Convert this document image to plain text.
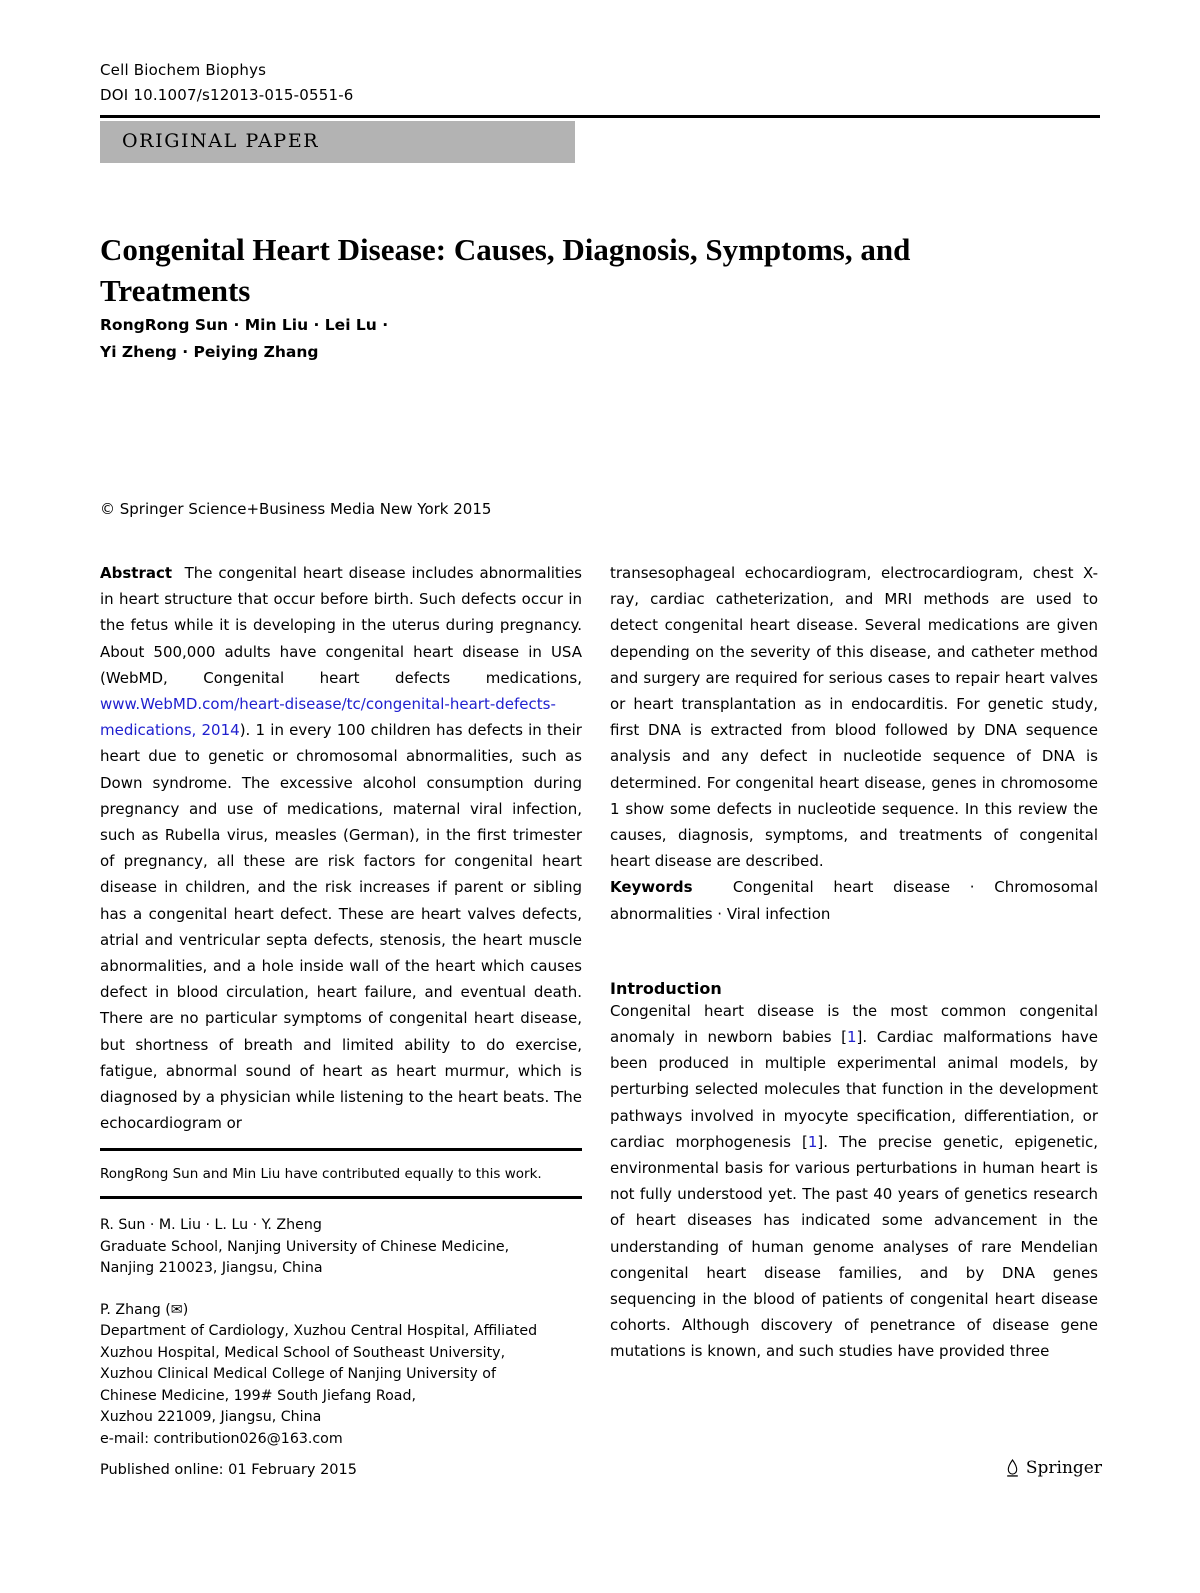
Cell Biochem Biophys
DOI 10.1007/s12013-015-0551-6
ORIGINAL PAPER
Congenital Heart Disease: Causes, Diagnosis, Symptoms, and Treatments
RongRong Sun · Min Liu · Lei Lu ·
Yi Zheng · Peiying Zhang
© Springer Science+Business Media New York 2015

Abstract The congenital heart disease includes abnormalities in heart structure that occur before birth. Such defects occur in the fetus while it is developing in the uterus during pregnancy. About 500,000 adults have congenital heart disease in USA (WebMD, Congenital heart defects medications, www.WebMD.com/heart-disease/tc/congenital-heart-defects-medications, 2014). 1 in every 100 children has defects in their heart due to genetic or chromosomal abnormalities, such as Down syndrome. The excessive alcohol consumption during pregnancy and use of medications, maternal viral infection, such as Rubella virus, measles (German), in the first trimester of pregnancy, all these are risk factors for congenital heart disease in children, and the risk increases if parent or sibling has a congenital heart defect. These are heart valves defects, atrial and ventricular septa defects, stenosis, the heart muscle abnormalities, and a hole inside wall of the heart which causes defect in blood circulation, heart failure, and eventual death. There are no particular symptoms of congenital heart disease, but shortness of breath and limited ability to do exercise, fatigue, abnormal sound of heart as heart murmur, which is diagnosed by a physician while listening to the heart beats. The echocardiogram or

transesophageal echocardiogram, electrocardiogram, chest X-ray, cardiac catheterization, and MRI methods are used to detect congenital heart disease. Several medications are given depending on the severity of this disease, and catheter method and surgery are required for serious cases to repair heart valves or heart transplantation as in endocarditis. For genetic study, first DNA is extracted from blood followed by DNA sequence analysis and any defect in nucleotide sequence of DNA is determined. For congenital heart disease, genes in chromosome 1 show some defects in nucleotide sequence. In this review the causes, diagnosis, symptoms, and treatments of congenital heart disease are described.

Keywords	Congenital heart disease · Chromosomal abnormalities · Viral infection

Introduction

Congenital heart disease is the most common congenital anomaly in newborn babies [1]. Cardiac malformations have been produced in multiple experimental animal models, by perturbing selected molecules that function in the development pathways involved in myocyte specification, differentiation, or cardiac morphogenesis [1]. The precise genetic, epigenetic, environmental basis for various perturbations in human heart is not fully understood yet. The past 40 years of genetics research of heart diseases has indicated some advancement in the understanding of human genome analyses of rare Mendelian congenital heart disease families, and by DNA genes sequencing in the blood of patients of congenital heart disease cohorts. Although discovery of penetrance of disease gene mutations is known, and such studies have provided three

RongRong Sun and Min Liu have contributed equally to this work.
R. Sun · M. Liu · L. Lu · Y. Zheng
Graduate School, Nanjing University of Chinese Medicine,
Nanjing 210023, Jiangsu, China
P. Zhang (✉)
Department of Cardiology, Xuzhou Central Hospital, Affiliated
Xuzhou Hospital, Medical School of Southeast University,
Xuzhou Clinical Medical College of Nanjing University of
Chinese Medicine, 199# South Jiefang Road,
Xuzhou 221009, Jiangsu, China
e-mail: contribution026@163.com
Published online: 01 February 2015	Springer
